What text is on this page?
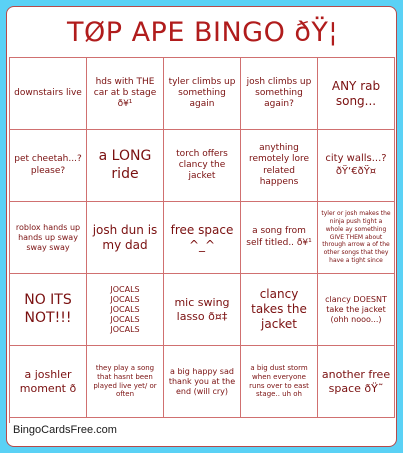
TØP APE BINGO ðŸ¦
downstairs live
hds with THE car at b stage ð¥¹
tyler climbs up
something again
josh climbs up
something again?
ANY rab song...
pet cheetah...? please?
a LONG ride
torch offers clancy the jacket
anything remotely lore related happens
city walls...? ðŸ‘€ðŸ¤
roblox hands up hands up sway sway sway
josh dun is my dad
free space ^_^
a song from self titled.. ð¥¹
tyler or josh makes the ninja push tight a whole ay something GIVE THEM about through arrow a of the other songs that they have a tight since
NO ITS NOT!!!
JOCALS
JOCALS
JOCALS
JOCALS
JOCALS
mic swing lasso ð¤‡
clancy takes the jacket
clancy DOESNT take the jacket (ohh nooo...)
a joshler moment ð
they play a song that hasnt been played live yet/ or often
a big happy sad thank you at the end (will cry)
a big dust storm when everyone runs over to east stage.. uh oh
another free space ðŸ˜
BingoCardsFree.com
